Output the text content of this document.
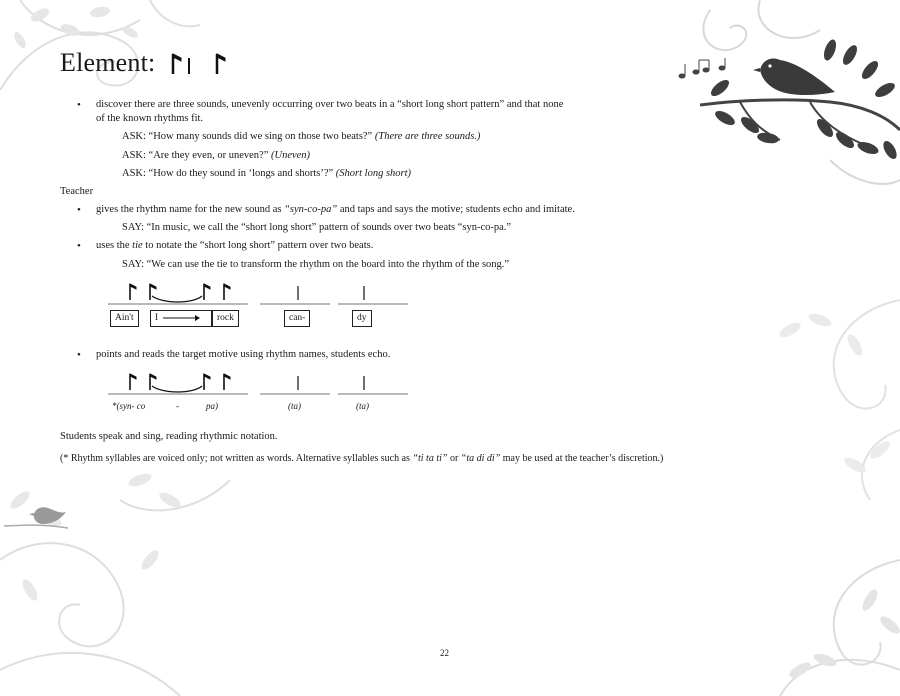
Element:

• discover there are three sounds, unevenly occurring over two beats in a “short long short pattern” and that none
of the known rhythms fit.

ASK: “How many sounds did we sing on those two beats?” (There are three sounds.)

ASK: “Are they even, or uneven?” (Uneven)

ASK: “How do they sound in ‘longs and shorts’?” (Short long short)

Teacher

• gives the rhythm name for the new sound as “syn-co-pa” and taps and says the motive; students echo and imitate.

SAY: “In music, we call the “short long short” pattern of sounds over two beats “syn-co-pa.”

• uses the tie to notate the “short long short” pattern over two beats.

SAY: “We can use the tie to transform the rhythm on the board into the rhythm of the song.”

Ain't	I	rock	can-	dy

• points and reads the target motive using rhythm names, students echo.

*(syn- co	-	pa)	(ta)	(ta)

Students speak and sing, reading rhythmic notation.

(* Rhythm syllables are voiced only; not written as words. Alternative syllables such as “ti ta ti” or “ta di di” may be used at the teacher’s discretion.)

22
